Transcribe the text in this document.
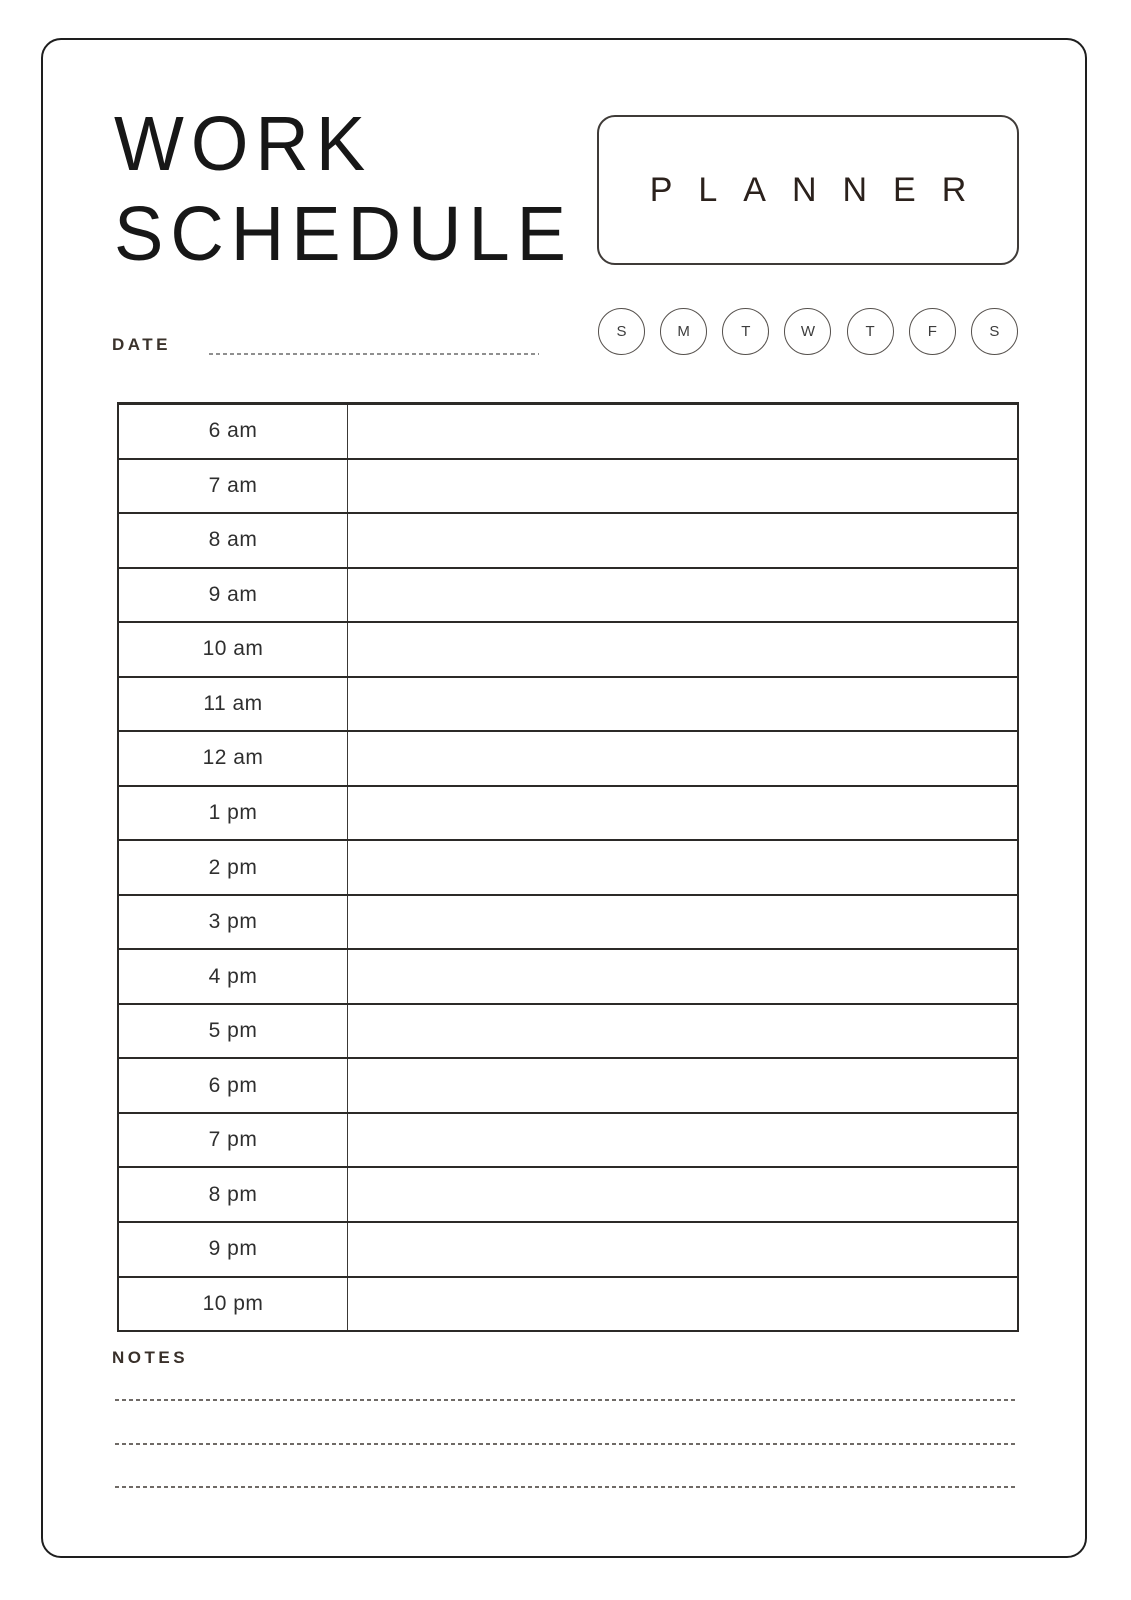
WORK
SCHEDULE
PLANNER
S	M	T	W	T	F	S
DATE
6 am
7 am
8 am
9 am
10 am
11 am
12 am
1 pm
2 pm
3 pm
4 pm
5 pm
6 pm
7 pm
8 pm
9 pm
10 pm
NOTES
